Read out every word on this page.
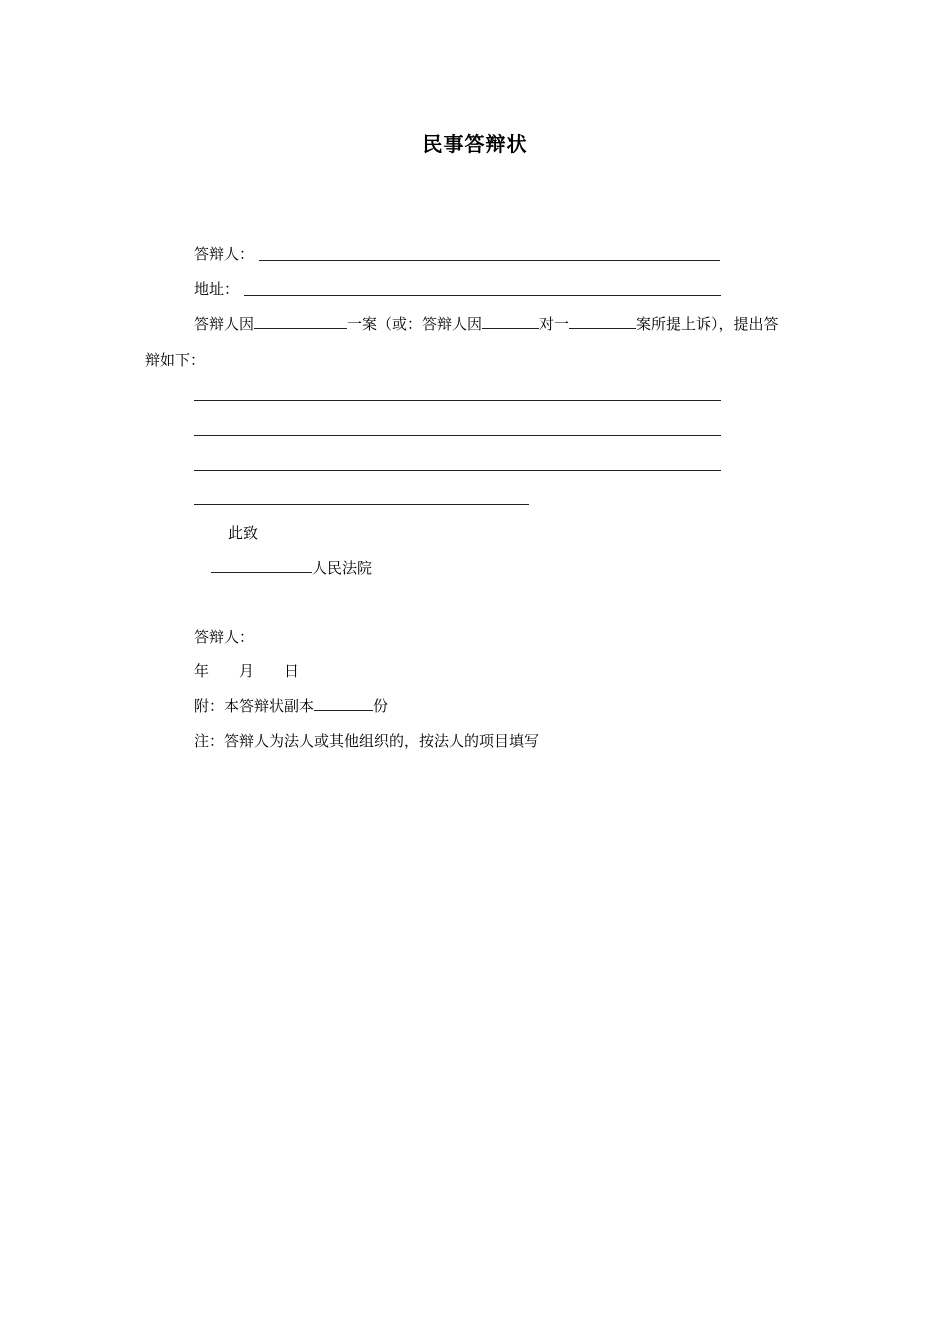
民事答辩状
答辩人：
地址：
答辩人因	一案（或：答辩人因	对一	案所提上诉），提出答
辩如下：
此致
人民法院
答辩人：
年　　月　　日
附：本答辩状副本	份
注：答辩人为法人或其他组织的，按法人的项目填写
